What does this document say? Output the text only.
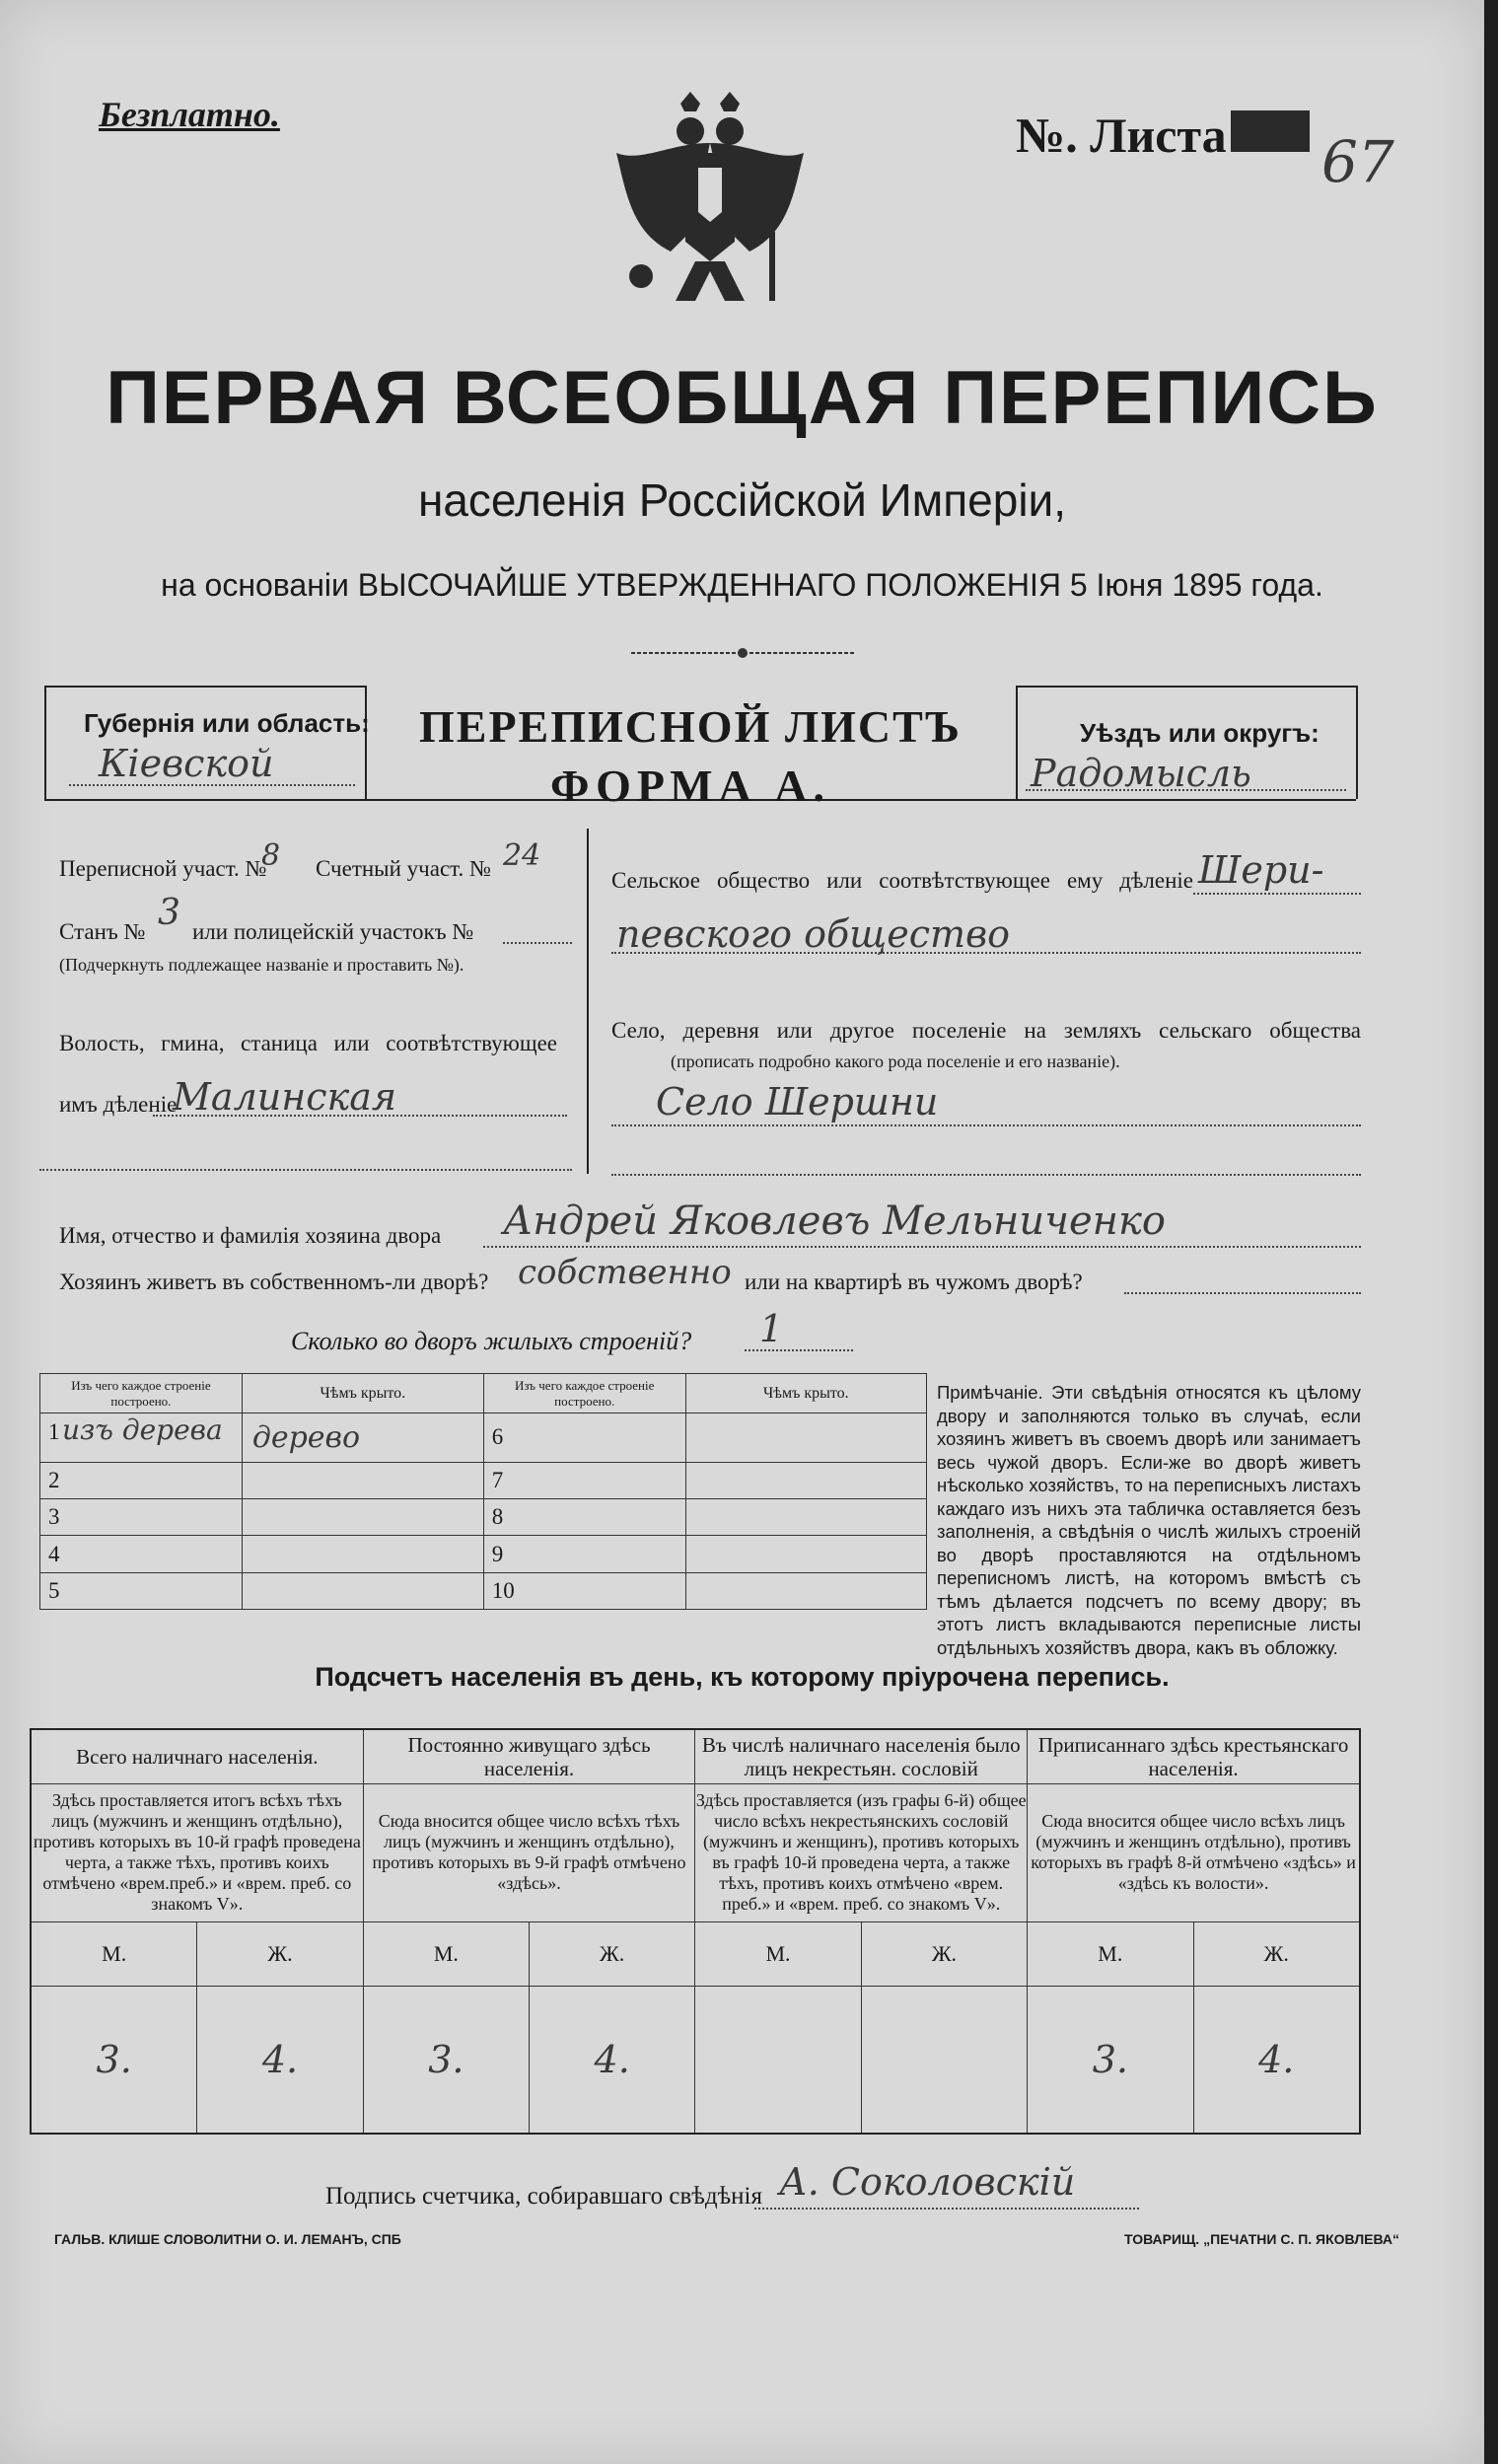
Безплатно.	№. Листа 67
ПЕРВАЯ ВСЕОБЩАЯ ПЕРЕПИСЬ
населенія Россійской Имперіи,
на основаніи ВЫСОЧАЙШЕ УТВЕРЖДЕННАГО ПОЛОЖЕНІЯ 5 Іюня 1895 года.
Губернія или область:
Кіевской
ПЕРЕПИСНОЙ ЛИСТЪ
ФОРМА А.
Уѣздъ или округъ:
Радомысль
Переписной участ. №
8 Счетный участ. № 24
Станъ № 3 или полицейскій участокъ №
(Подчеркнуть подлежащее названіе и проставить №).
Волость, гмина, станица или соотвѣтствующее
имъ дѣленіе
Малинская
Сельское общество или соотвѣтствующее ему дѣленіе Шери-
певского общество
Село, деревня или другое поселеніе на земляхъ сельскаго общества
(прописать подробно какого рода поселеніе и его названіе).
Село Шершни
Имя, отчество и фамилія хозяина двора Андрей Яковлевъ Мельниченко
Хозяинъ живетъ въ собственномъ-ли дворѣ? собственно или на квартирѣ въ чужомъ дворѣ?
Сколько во дворъ жилыхъ строеній? 1
Изъ чего каждое строеніе построено.	Чѣмъ крыто.	Изъ чего каждое строеніе построено.	Чѣмъ крыто.

1 изъ дерева	дерево	6	
2		7	
3		8	
4		9	
5		10	
Примѣчаніе. Эти свѣдѣнія относятся къ цѣлому двору и заполняются только въ случаѣ, если хозяинъ живетъ въ своемъ дворѣ или занимаетъ весь чужой дворъ. Если-же во дворѣ живетъ нѣсколько хозяйствъ, то на переписныхъ листахъ каждаго изъ нихъ эта табличка оставляется безъ заполненія, а свѣдѣнія о числѣ жилыхъ строеній во дворѣ проставляются на отдѣльномъ переписномъ листѣ, на которомъ вмѣстѣ съ тѣмъ дѣлается подсчетъ по всему двору; въ этотъ листъ вкладываются переписные листы отдѣльныхъ хозяйствъ двора, какъ въ обложку.
Подсчетъ населенія въ день, къ которому пріурочена перепись.
Всего наличнаго населенія.		Постоянно живущаго здѣсь населенія.		Въ числѣ наличнаго населенія было лицъ некрестьян. сословій		Приписаннаго здѣсь крестьянскаго населенія.	
Здѣсь проставляется итогъ всѣхъ тѣхъ лицъ (мужчинъ и женщинъ отдѣльно), противъ которыхъ въ 10-й графѣ проведена черта, а также тѣхъ, противъ коихъ отмѣчено «врем.преб.» и «врем. преб. со знакомъ V».		Сюда вносится общее число всѣхъ тѣхъ лицъ (мужчинъ и женщинъ отдѣльно), противъ которыхъ въ 9-й графѣ отмѣчено «здѣсь».		Здѣсь проставляется (изъ графы 6-й) общее число всѣхъ некрестьянскихъ сословій (мужчинъ и женщинъ), противъ которыхъ въ графѣ 10-й проведена черта, а также тѣхъ, противъ коихъ отмѣчено «врем. преб.» и «врем. преб. со знакомъ V».		Сюда вносится общее число всѣхъ лицъ (мужчинъ и женщинъ отдѣльно), противъ которыхъ въ графѣ 8-й отмѣчено «здѣсь» и «здѣсь къ волости».	
М.	Ж.	М.	Ж.	М.	Ж.	М.	Ж.
3.	4.	3.	4.			3.	4.
Подпись счетчика, собиравшаго свѣдѣнія А. Соколовскій
ГАЛЬВ. КЛИШЕ СЛОВОЛИТНИ О. И. ЛЕМАНЪ, СПБ	ТОВАРИЩ. „ПЕЧАТНИ С. П. ЯКОВЛЕВА“
